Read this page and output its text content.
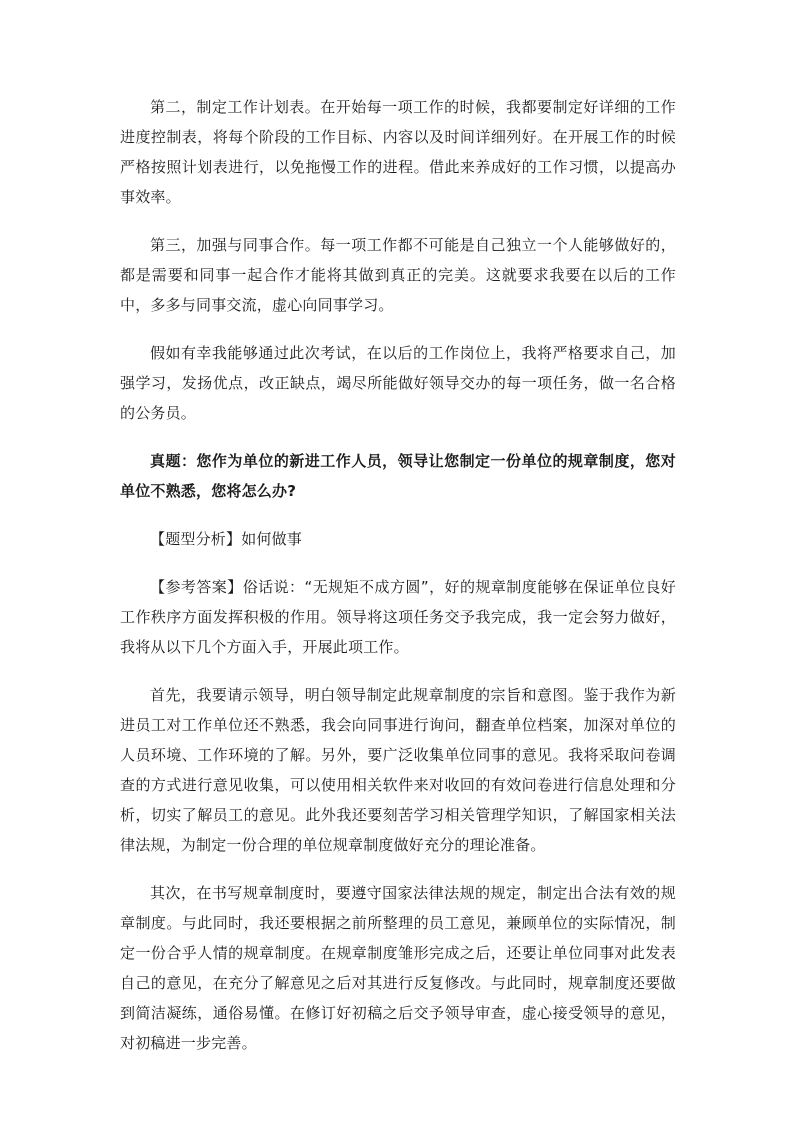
第二，制定工作计划表。在开始每一项工作的时候，我都要制定好详细的工作进度控制表，将每个阶段的工作目标、内容以及时间详细列好。在开展工作的时候严格按照计划表进行，以免拖慢工作的进程。借此来养成好的工作习惯，以提高办事效率。

第三，加强与同事合作。每一项工作都不可能是自己独立一个人能够做好的，都是需要和同事一起合作才能将其做到真正的完美。这就要求我要在以后的工作中，多多与同事交流，虚心向同事学习。

假如有幸我能够通过此次考试，在以后的工作岗位上，我将严格要求自己，加强学习，发扬优点，改正缺点，竭尽所能做好领导交办的每一项任务，做一名合格的公务员。

真题：您作为单位的新进工作人员，领导让您制定一份单位的规章制度，您对单位不熟悉，您将怎么办?

【题型分析】如何做事

【参考答案】俗话说：“无规矩不成方圆”，好的规章制度能够在保证单位良好工作秩序方面发挥积极的作用。领导将这项任务交予我完成，我一定会努力做好，我将从以下几个方面入手，开展此项工作。

首先，我要请示领导，明白领导制定此规章制度的宗旨和意图。鉴于我作为新进员工对工作单位还不熟悉，我会向同事进行询问，翻查单位档案，加深对单位的人员环境、工作环境的了解。另外，要广泛收集单位同事的意见。我将采取问卷调查的方式进行意见收集，可以使用相关软件来对收回的有效问卷进行信息处理和分析，切实了解员工的意见。此外我还要刻苦学习相关管理学知识，了解国家相关法律法规，为制定一份合理的单位规章制度做好充分的理论准备。

其次，在书写规章制度时，要遵守国家法律法规的规定，制定出合法有效的规章制度。与此同时，我还要根据之前所整理的员工意见，兼顾单位的实际情况，制定一份合乎人情的规章制度。在规章制度雏形完成之后，还要让单位同事对此发表自己的意见，在充分了解意见之后对其进行反复修改。与此同时，规章制度还要做到简洁凝练，通俗易懂。在修订好初稿之后交予领导审查，虚心接受领导的意见，对初稿进一步完善。
